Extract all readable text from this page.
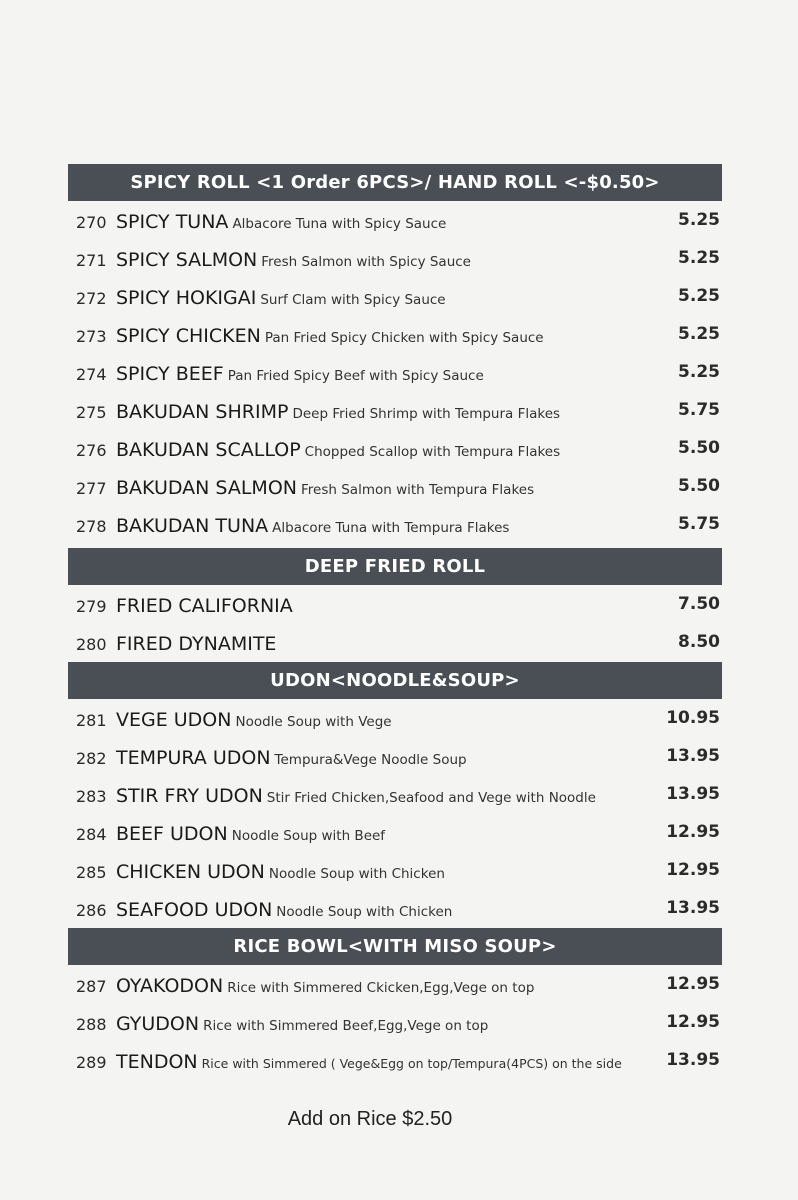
SPICY ROLL <1 Order 6PCS>/ HAND ROLL <-$0.50>
270 SPICY TUNA Albacore Tuna with Spicy Sauce	5.25
271 SPICY SALMON Fresh Salmon with Spicy Sauce	5.25
272 SPICY HOKIGAI Surf Clam with Spicy Sauce	5.25
273 SPICY CHICKEN Pan Fried Spicy Chicken with Spicy Sauce	5.25
274 SPICY BEEF Pan Fried Spicy Beef with Spicy Sauce	5.25
275 BAKUDAN SHRIMP Deep Fried Shrimp with Tempura Flakes	5.75
276 BAKUDAN SCALLOP Chopped Scallop with Tempura Flakes	5.50
277 BAKUDAN SALMON Fresh Salmon with Tempura Flakes	5.50
278 BAKUDAN TUNA Albacore Tuna with Tempura Flakes	5.75
DEEP FRIED ROLL
279 FRIED CALIFORNIA	7.50
280 FIRED DYNAMITE	8.50
UDON<NOODLE&SOUP>
281 VEGE UDON Noodle Soup with Vege	10.95
282 TEMPURA UDON Tempura&Vege Noodle Soup	13.95
283 STIR FRY UDON Stir Fried Chicken,Seafood and Vege with Noodle	13.95
284 BEEF UDON Noodle Soup with Beef	12.95
285 CHICKEN UDON Noodle Soup with Chicken	12.95
286 SEAFOOD UDON Noodle Soup with Chicken	13.95
RICE BOWL<WITH MISO SOUP>
287 OYAKODON Rice with Simmered Ckicken,Egg,Vege on top	12.95
288 GYUDON Rice with Simmered Beef,Egg,Vege on top	12.95
289 TENDON Rice with Simmered ( Vege&Egg on top/Tempura(4PCS) on the side	13.95
Add on Rice $2.50
